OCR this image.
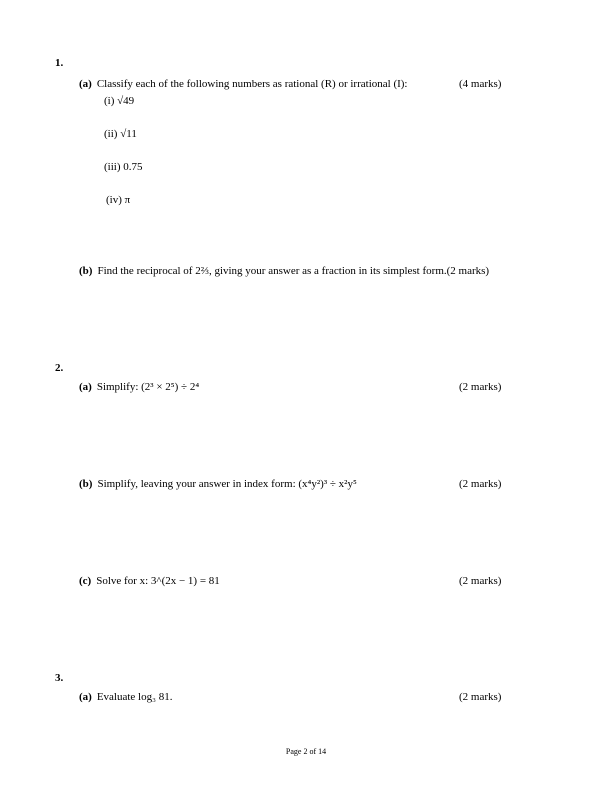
1.
(a) Classify each of the following numbers as rational (R) or irrational (I):	(4 marks)
(i) √49
(ii) √11
(iii) 0.75
(iv) π
(b) Find the reciprocal of 2⅔, giving your answer as a fraction in its simplest form.(2 marks)
2.
(a) Simplify: (2³ × 2⁵) ÷ 2⁴	(2 marks)
(b) Simplify, leaving your answer in index form: (x⁴y²)³ ÷ x²y⁵	(2 marks)
(c) Solve for x: 3^(2x − 1) = 81	(2 marks)
3.
(a) Evaluate log₃ 81.	(2 marks)
Page 2 of 14
